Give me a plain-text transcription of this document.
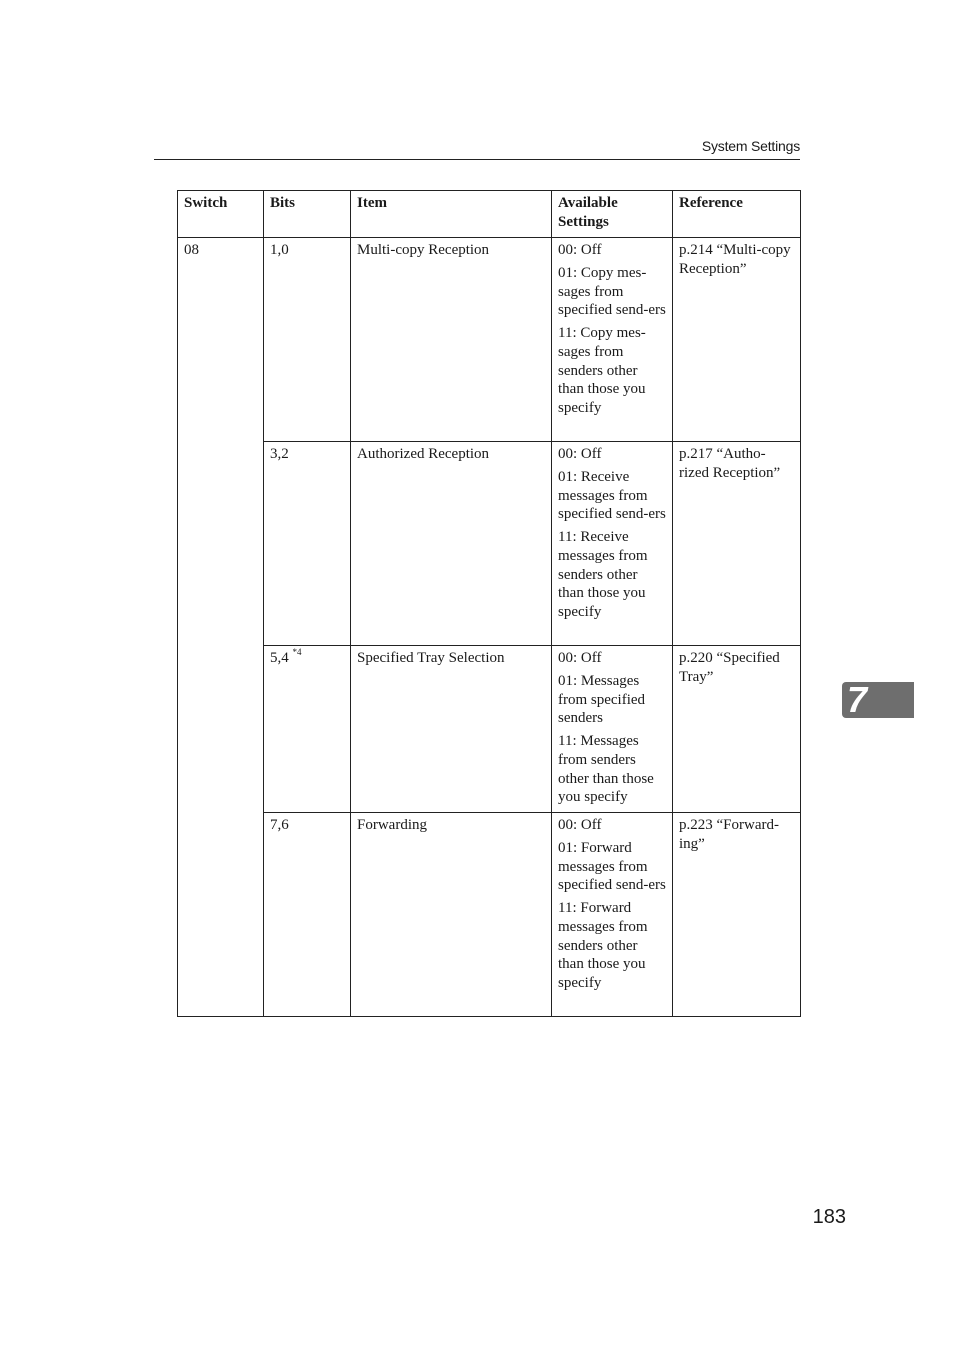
System Settings
Switch	Bits	Item	Available Settings	Reference
08	1,0	Multi-copy Reception	00: Off
01: Copy mes-sages from specified send-ers
11: Copy mes-sages from senders other than those you specify	p.214 “Multi-copy Reception”
	3,2	Authorized Reception	00: Off
01: Receive messages from specified send-ers
11: Receive messages from senders other than those you specify	p.217 “Autho-rized Reception”
	5,4 $^{*4}$	Specified Tray Selection	00: Off
01: Messages from specified senders
11: Messages from senders other than those you specify	p.220 “Specified Tray”
	7,6	Forwarding	00: Off
01: Forward messages from specified send-ers
11: Forward messages from senders other than those you specify	p.223 “Forward-ing”
7
183
